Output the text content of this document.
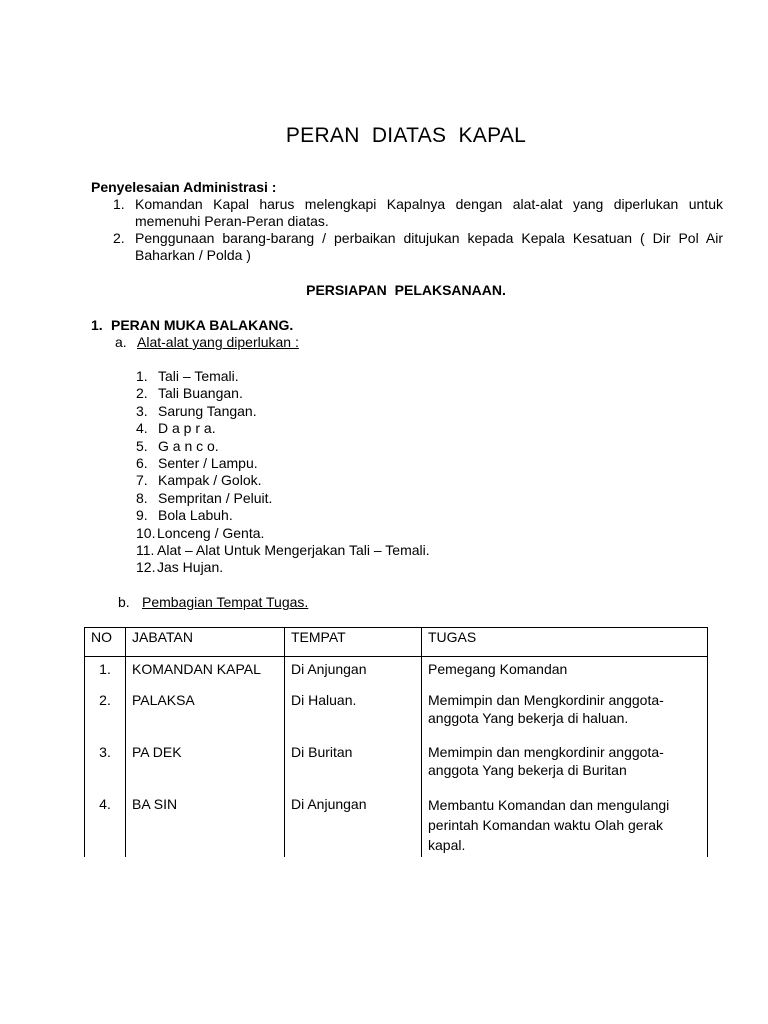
PERAN DIATAS KAPAL
Penyelesaian Administrasi :
1. Komandan Kapal harus melengkapi Kapalnya dengan alat-alat yang diperlukan untuk
memenuhi Peran-Peran diatas.
2. Penggunaan barang-barang / perbaikan ditujukan kepada Kepala Kesatuan ( Dir Pol Air
Baharkan / Polda )
PERSIAPAN PELAKSANAAN.
1. PERAN MUKA BALAKANG.
a. Alat-alat yang diperlukan :
1. Tali – Temali.
2. Tali Buangan.
3. Sarung Tangan.
4. D a p r a.
5. G a n c o.
6. Senter / Lampu.
7. Kampak / Golok.
8. Sempritan / Peluit.
9. Bola Labuh.
10. Lonceng / Genta.
11. Alat – Alat Untuk Mengerjakan Tali – Temali.
12. Jas Hujan.
b. Pembagian Tempat Tugas.
NO	JABATAN	TEMPAT	TUGAS
1.	KOMANDAN KAPAL	Di Anjungan	Pemegang Komandan
2.	PALAKSA	Di Haluan.	Memimpin dan Mengkordinir anggota-anggota Yang bekerja di haluan.
3.	PA DEK	Di Buritan	Memimpin dan mengkordinir anggota-anggota Yang bekerja di Buritan
4.	BA SIN	Di Anjungan	Membantu Komandan dan mengulangi perintah Komandan waktu Olah gerak kapal.
